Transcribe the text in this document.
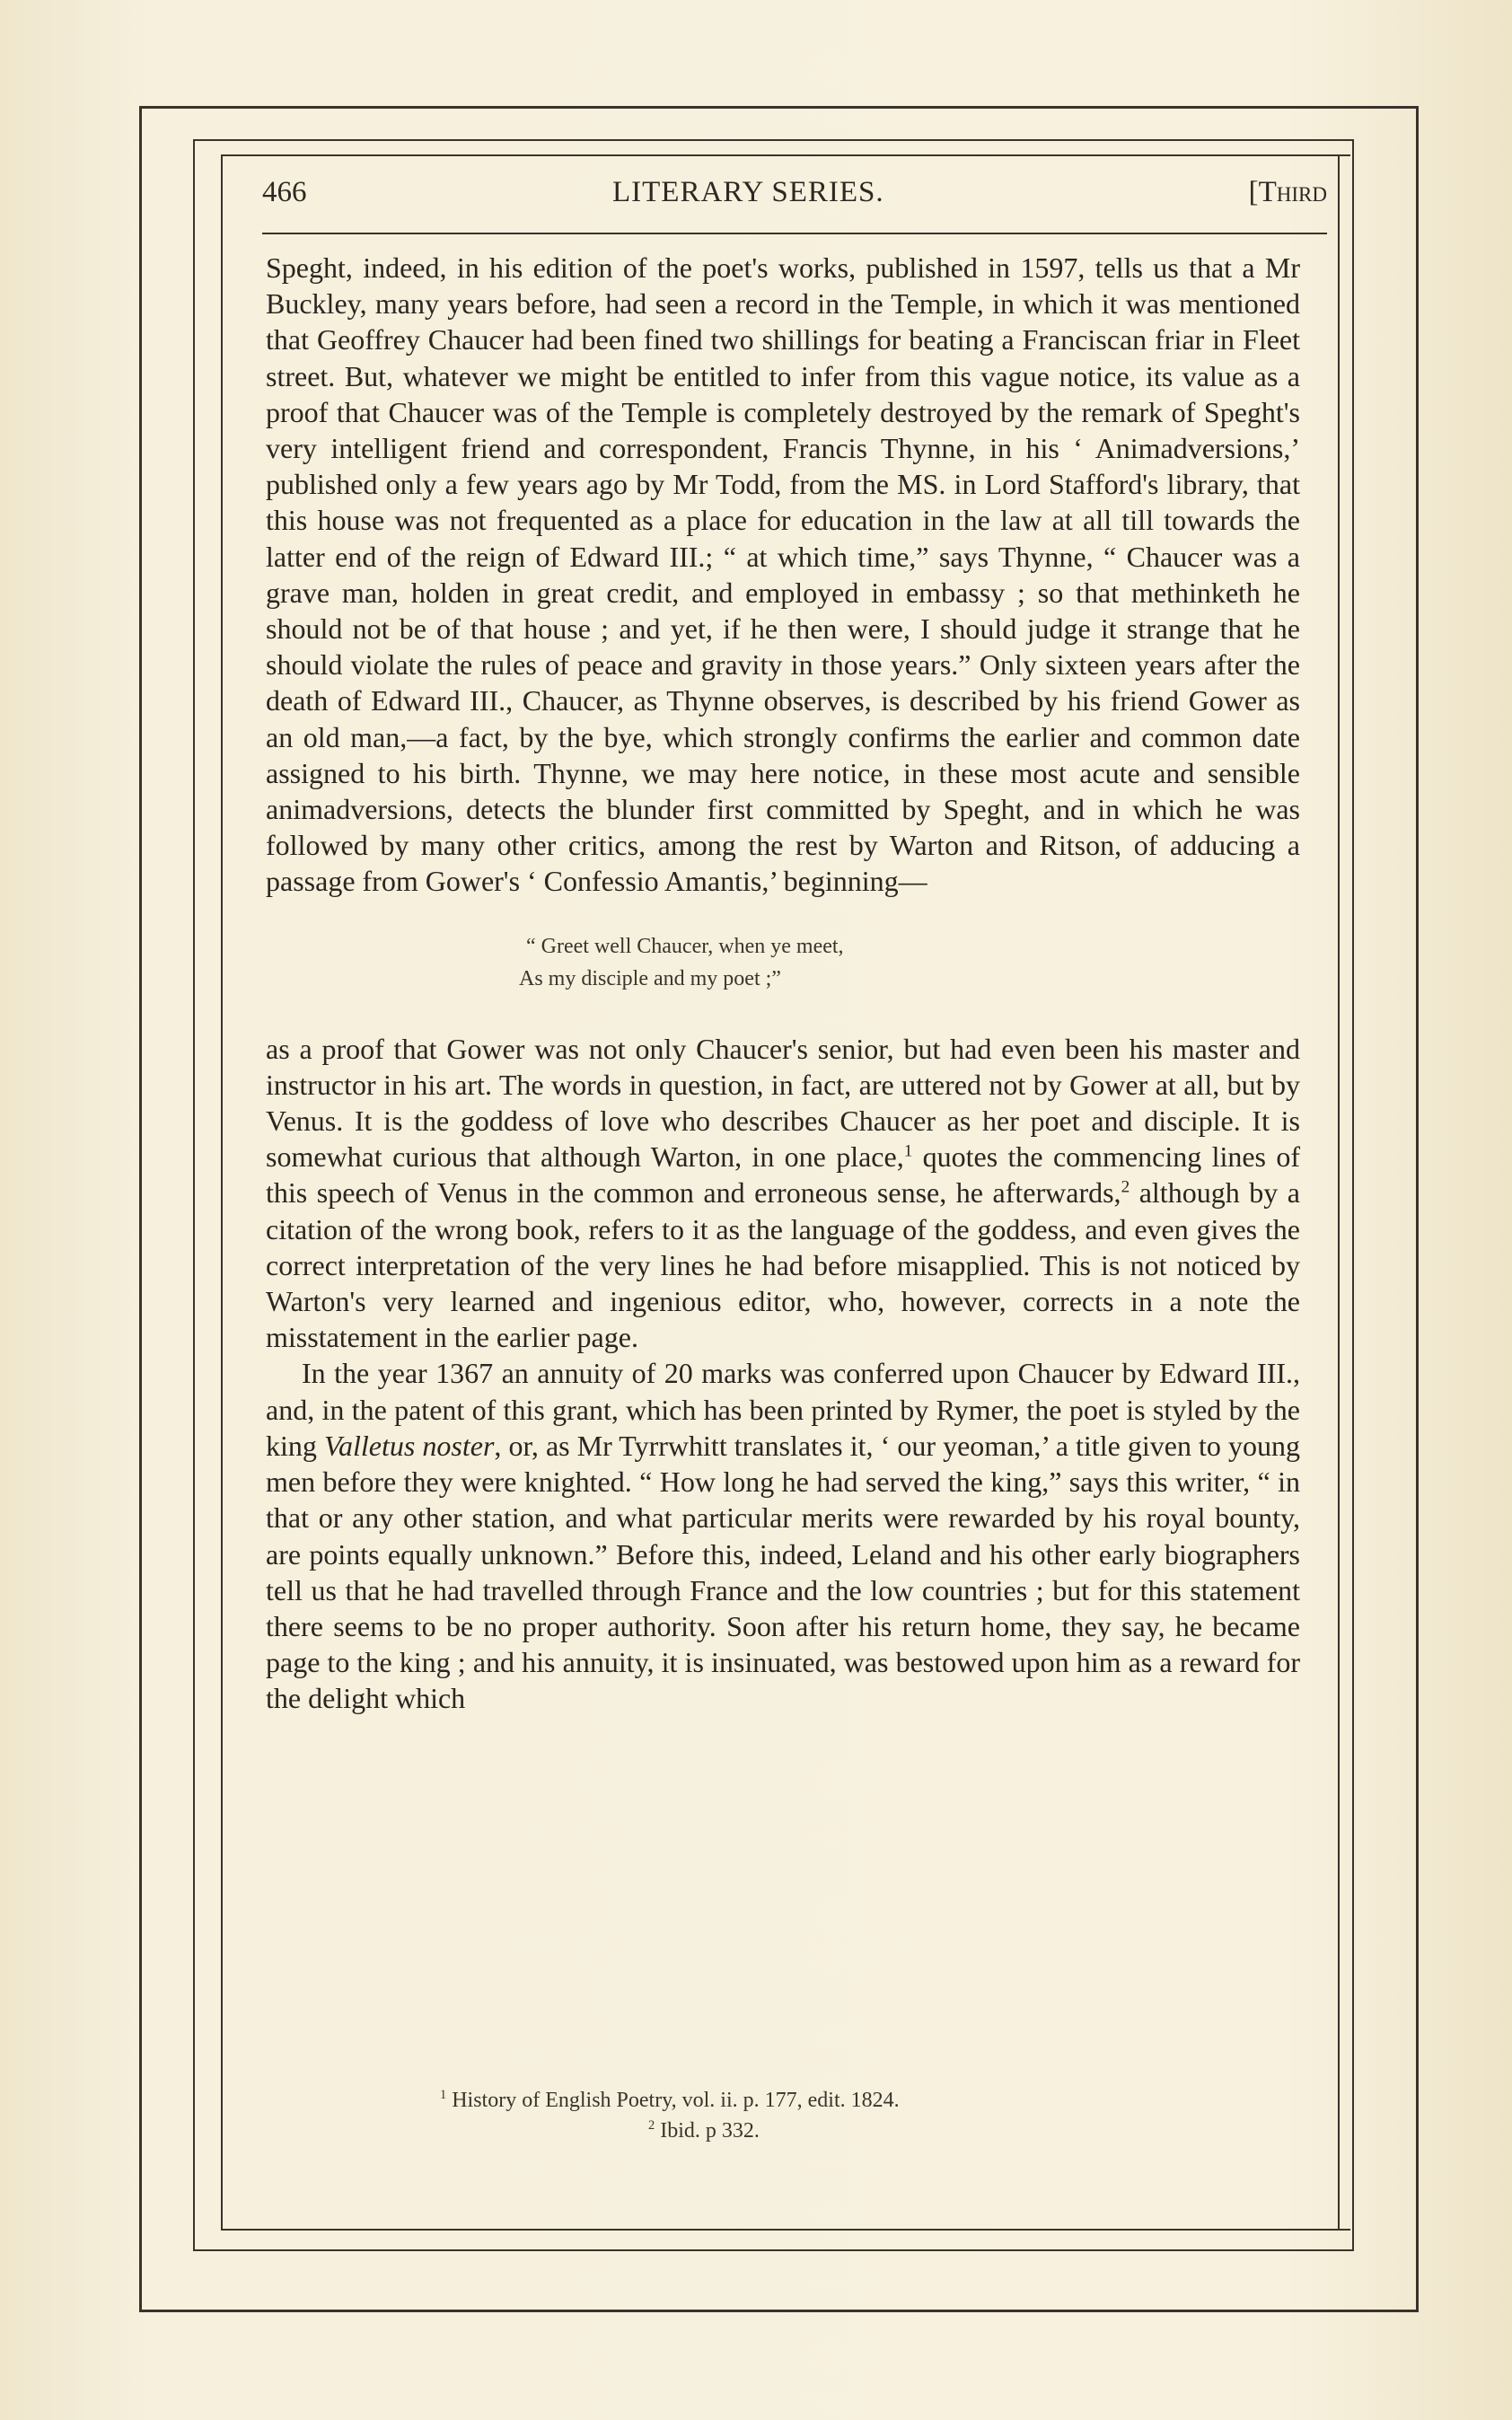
466	LITERARY SERIES.	[Third

Speght, indeed, in his edition of the poet's works, published in 1597, tells us that a Mr Buckley, many years before, had seen a record in the Temple, in which it was mentioned that Geoffrey Chaucer had been fined two shillings for beating a Franciscan friar in Fleet street. But, whatever we might be entitled to infer from this vague notice, its value as a proof that Chaucer was of the Temple is completely destroyed by the remark of Speght's very intelligent friend and correspondent, Francis Thynne, in his ‘ Animadversions,’ published only a few years ago by Mr Todd, from the MS. in Lord Stafford's library, that this house was not frequented as a place for education in the law at all till towards the latter end of the reign of Edward III.; “ at which time,” says Thynne, “ Chaucer was a grave man, holden in great credit, and employed in embassy ; so that methinketh he should not be of that house ; and yet, if he then were, I should judge it strange that he should violate the rules of peace and gravity in those years.” Only sixteen years after the death of Edward III., Chaucer, as Thynne observes, is described by his friend Gower as an old man,—a fact, by the bye, which strongly confirms the earlier and common date assigned to his birth. Thynne, we may here notice, in these most acute and sensible animadversions, detects the blunder first committed by Speght, and in which he was followed by many other critics, among the rest by Warton and Ritson, of adducing a passage from Gower's ‘ Confessio Amantis,’ beginning—

“ Greet well Chaucer, when ye meet,
As my disciple and my poet ;”

as a proof that Gower was not only Chaucer's senior, but had even been his master and instructor in his art. The words in question, in fact, are uttered not by Gower at all, but by Venus. It is the goddess of love who describes Chaucer as her poet and disciple. It is somewhat curious that although Warton, in one place,$^1$ quotes the commencing lines of this speech of Venus in the common and erroneous sense, he afterwards,$^2$ although by a citation of the wrong book, refers to it as the language of the goddess, and even gives the correct interpretation of the very lines he had before misapplied. This is not noticed by Warton's very learned and ingenious editor, who, however, corrects in a note the misstatement in the earlier page.

In the year 1367 an annuity of 20 marks was conferred upon Chaucer by Edward III., and, in the patent of this grant, which has been printed by Rymer, the poet is styled by the king Valletus noster, or, as Mr Tyrrwhitt translates it, ‘ our yeoman,’ a title given to young men before they were knighted. “ How long he had served the king,” says this writer, “ in that or any other station, and what particular merits were rewarded by his royal bounty, are points equally unknown.” Before this, indeed, Leland and his other early biographers tell us that he had travelled through France and the low countries ; but for this statement there seems to be no proper authority. Soon after his return home, they say, he became page to the king ; and his annuity, it is insinuated, was bestowed upon him as a reward for the delight which

$^1$ History of English Poetry, vol. ii. p. 177, edit. 1824.
$^2$ Ibid. p 332.
